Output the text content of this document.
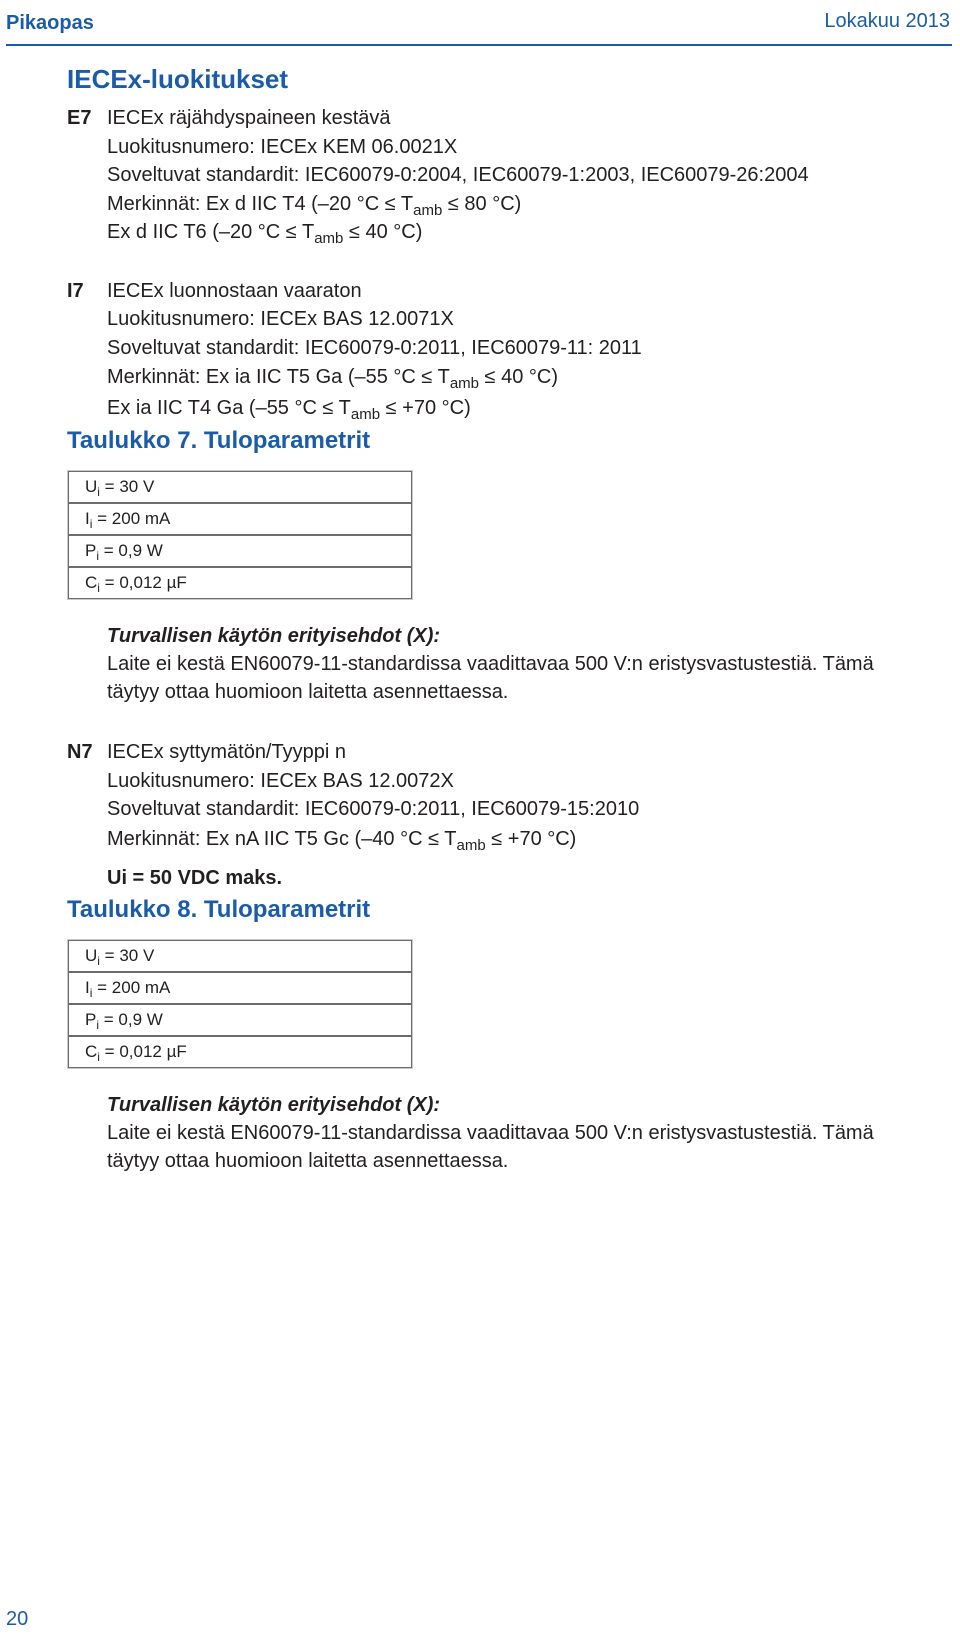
Pikaopas	Lokakuu 2013
IECEx-luokitukset
E7 IECEx räjähdyspaineen kestävä
Luokitusnumero: IECEx KEM 06.0021X
Soveltuvat standardit: IEC60079-0:2004, IEC60079-1:2003, IEC60079-26:2004
Merkinnät: Ex d IIC T4 (–20 $^\circ C \le T_{amb} \le 80$ °C)
Ex d IIC T6 (–20 $^\circ C \le T_{amb} \le 40$ °C)
I7 IECEx luonnostaan vaaraton
Luokitusnumero: IECEx BAS 12.0071X
Soveltuvat standardit: IEC60079-0:2011, IEC60079-11: 2011
Merkinnät: Ex ia IIC T5 Ga (–55 $^\circ C \le T_{amb} \le 40$ °C)
Ex ia IIC T4 Ga (–55 $^\circ C \le T_{amb} \le +70$ °C)
Taulukko 7. Tuloparametrit
$U_i = 30$ V
$I_i = 200$ mA
$P_i = 0,9$ W
$C_i = 0,012$ µF
Turvallisen käytön erityisehdot (X):
Laite ei kestä EN60079-11-standardissa vaadittavaa 500 V:n eristysvastustestiä. Tämä
täytyy ottaa huomioon laitetta asennettaessa.
N7 IECEx syttymätön/Tyyppi n
Luokitusnumero: IECEx BAS 12.0072X
Soveltuvat standardit: IEC60079-0:2011, IEC60079-15:2010
Merkinnät: Ex nA IIC T5 Gc (–40 $^\circ C \le T_{amb} \le +70$ °C)
Ui = 50 VDC maks.
Taulukko 8. Tuloparametrit
$U_i = 30$ V
$I_i = 200$ mA
$P_i = 0,9$ W
$C_i = 0,012$ µF
Turvallisen käytön erityisehdot (X):
Laite ei kestä EN60079-11-standardissa vaadittavaa 500 V:n eristysvastustestiä. Tämä
täytyy ottaa huomioon laitetta asennettaessa.
20
